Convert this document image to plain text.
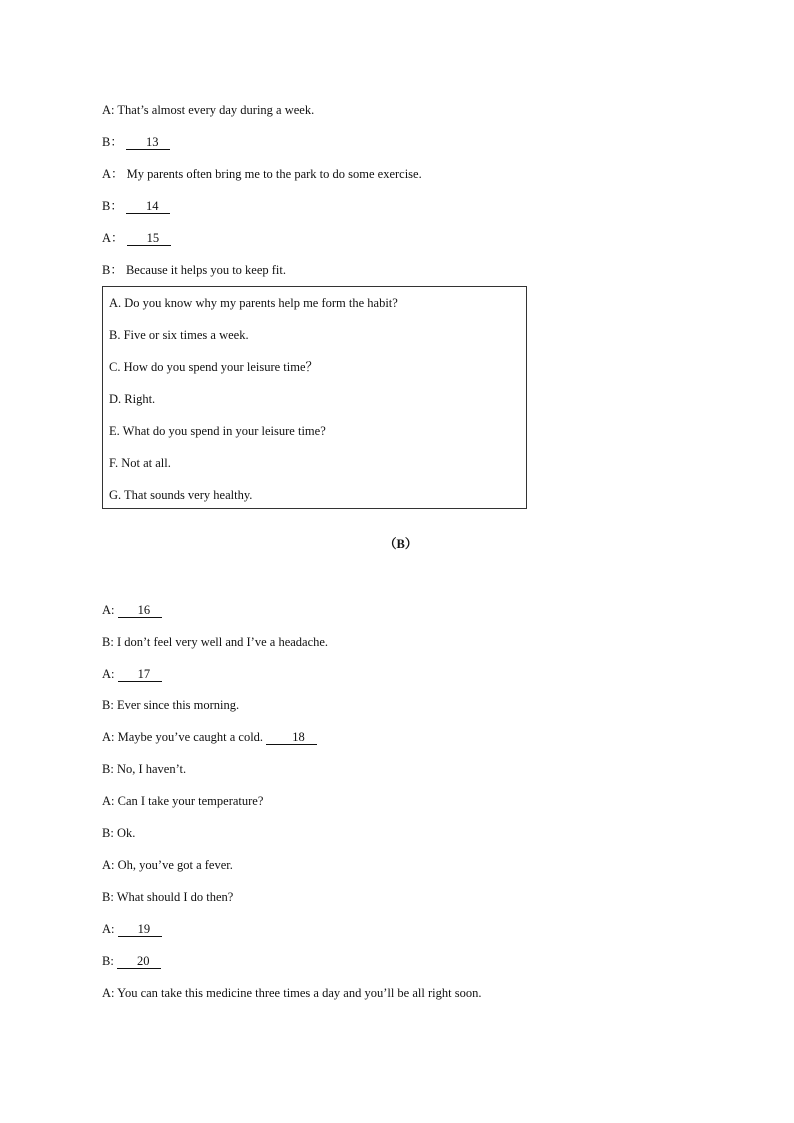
A: That’s almost every day during a week.
B： 13
A： My parents often bring me to the park to do some exercise.
B： 14
A： 15
B： Because it helps you to keep fit.
A. Do you know why my parents help me form the habit?
B. Five or six times a week.
C. How do you spend your leisure time？
D. Right.
E. What do you spend in your leisure time?
F. Not at all.
G. That sounds very healthy.
（B）
A: 16
B: I don’t feel very well and I’ve a headache.
A: 17
B: Ever since this morning.
A: Maybe you’ve caught a cold. 18
B: No, I haven’t.
A: Can I take your temperature?
B: Ok.
A: Oh, you’ve got a fever.
B: What should I do then?
A: 19
B: 20
A: You can take this medicine three times a day and you’ll be all right soon.
